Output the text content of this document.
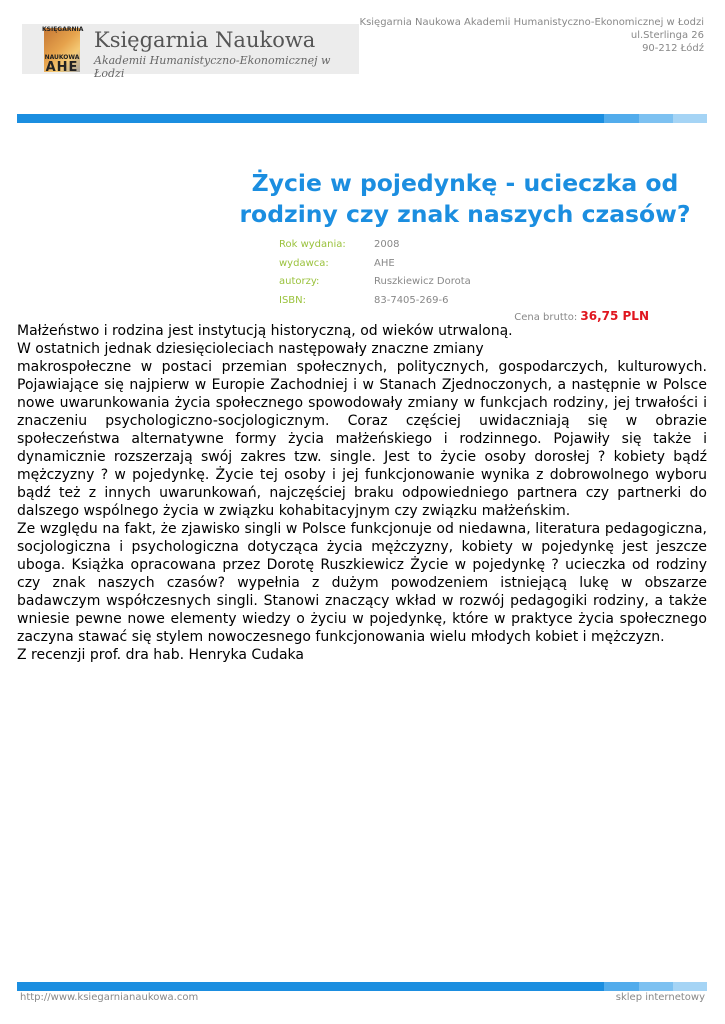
KSIĘGARNIA
NAUKOWA
AHE
Księgarnia Naukowa
Akademii Humanistyczno-Ekonomicznej w Łodzi
Księgarnia Naukowa Akademii Humanistyczno-Ekonomicznej w Łodzi
ul.Sterlinga 26
90-212 Łódź
Życie w pojedynkę - ucieczka od
rodziny czy znak naszych czasów?
Rok wydania:	2008
wydawca:	AHE
autorzy:	Ruszkiewicz Dorota
ISBN:	83-7405-269-6
Cena brutto: 36,75 PLN

Małżeństwo i rodzina jest instytucją historyczną, od wieków utrwaloną.

W ostatnich jednak dziesięcioleciach następowały znaczne zmiany

makrospołeczne w postaci przemian społecznych, politycznych, gospodarczych, kulturowych. Pojawiające się najpierw w Europie Zachodniej i w Stanach Zjednoczonych, a następnie w Polsce nowe uwarunkowania życia społecznego spowodowały zmiany w funkcjach rodziny, jej trwałości i znaczeniu psychologiczno-socjologicznym. Coraz częściej uwidaczniają się w obrazie społeczeństwa alternatywne formy życia małżeńskiego i rodzinnego. Pojawiły się także i dynamicznie rozszerzają swój zakres tzw. single. Jest to życie osoby dorosłej ? kobiety bądź mężczyzny ? w pojedynkę. Życie tej osoby i jej funkcjonowanie wynika z dobrowolnego wyboru bądź też z innych uwarunkowań, najczęściej braku odpowiedniego partnera czy partnerki do dalszego wspólnego życia w związku kohabitacyjnym czy związku małżeńskim.

Ze względu na fakt, że zjawisko singli w Polsce funkcjonuje od niedawna, literatura pedagogiczna, socjologiczna i psychologiczna dotycząca życia mężczyzny, kobiety w pojedynkę jest jeszcze uboga. Książka opracowana przez Dorotę Ruszkiewicz Życie w pojedynkę ? ucieczka od rodziny czy znak naszych czasów? wypełnia z dużym powodzeniem istniejącą lukę w obszarze badawczym współczesnych singli. Stanowi znaczący wkład w rozwój pedagogiki rodziny, a także wniesie pewne nowe elementy wiedzy o życiu w pojedynkę, które w praktyce życia społecznego zaczyna stawać się stylem nowoczesnego funkcjonowania wielu młodych kobiet i mężczyzn.

Z recenzji prof. dra hab. Henryka Cudaka

http://www.ksiegarnianaukowa.com	sklep internetowy
